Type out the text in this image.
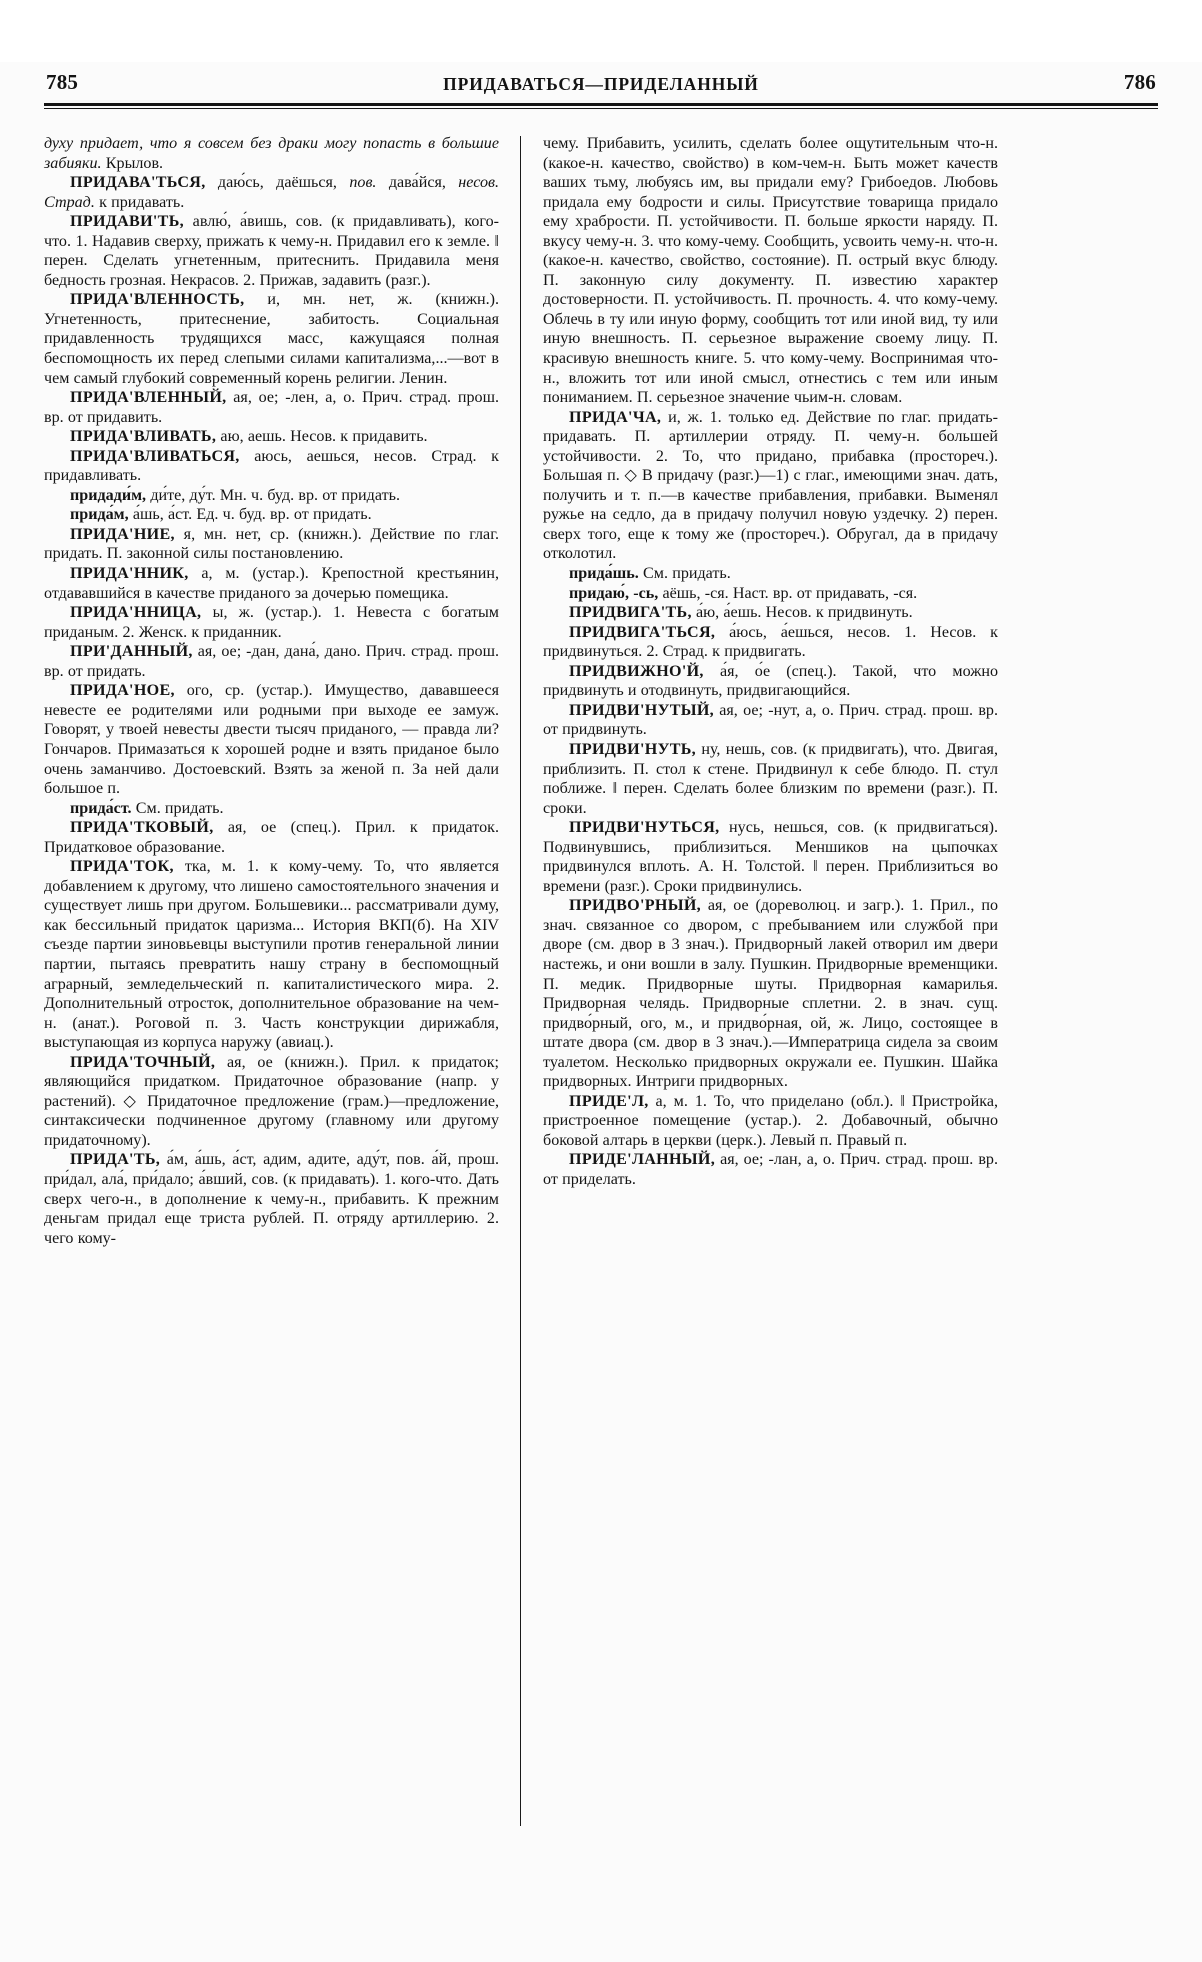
785	ПРИДАВАТЬСЯ—ПРИДЕЛАННЫЙ	786

духу придает, что я совсем без драки могу попасть в большие забияки. Крылов.

ПРИДАВА'ТЬСЯ, даю́сь, даёшься, пов. дава́йся, несов. Страд. к придавать.

ПРИДАВИ'ТЬ, авлю́, а́вишь, сов. (к придавливать), кого-что. 1. Надавив сверху, прижать к чему-н. Придавил его к земле. ‖ перен. Сделать угнетенным, притеснить. Придавила меня бедность грозная. Некрасов. 2. Прижав, задавить (разг.).

ПРИДА'ВЛЕННОСТЬ, и, мн. нет, ж. (книжн.). Угнетенность, притеснение, забитость. Социальная придавленность трудящихся масс, кажущаяся полная беспомощность их перед слепыми силами капитализма,...—вот в чем самый глубокий современный корень религии. Ленин.

ПРИДА'ВЛЕННЫЙ, ая, ое; -лен, а, о. Прич. страд. прош. вр. от придавить.

ПРИДА'ВЛИВАТЬ, аю, аешь. Несов. к придавить.

ПРИДА'ВЛИВАТЬСЯ, аюсь, аешься, несов. Страд. к придавливать.

придади́м, ди́те, ду́т. Мн. ч. буд. вр. от придать.

прида́м, а́шь, а́ст. Ед. ч. буд. вр. от придать.

ПРИДА'НИЕ, я, мн. нет, ср. (книжн.). Действие по глаг. придать. П. законной силы постановлению.

ПРИДА'ННИК, а, м. (устар.). Крепостной крестьянин, отдававшийся в качестве приданого за дочерью помещика.

ПРИДА'ННИЦА, ы, ж. (устар.). 1. Невеста с богатым приданым. 2. Женск. к приданник.

ПРИ'ДАННЫЙ, ая, ое; -дан, дана́, дано. Прич. страд. прош. вр. от придать.

ПРИДА'НОЕ, ого, ср. (устар.). Имущество, дававшееся невесте ее родителями или родными при выходе ее замуж. Говорят, у твоей невесты двести тысяч приданого, — правда ли? Гончаров. Примазаться к хорошей родне и взять приданое было очень заманчиво. Достоевский. Взять за женой п. За ней дали большое п.

прида́ст. См. придать.

ПРИДА'ТКОВЫЙ, ая, ое (спец.). Прил. к придаток. Придатковое образование.

ПРИДА'ТОК, тка, м. 1. к кому-чему. То, что является добавлением к другому, что лишено самостоятельного значения и существует лишь при другом. Большевики... рассматривали думу, как бессильный придаток царизма... История ВКП(б). На XIV съезде партии зиновьевцы выступили против генеральной линии партии, пытаясь превратить нашу страну в беспомощный аграрный, земледельческий п. капиталистического мира. 2. Дополнительный отросток, дополнительное образование на чем-н. (анат.). Роговой п. 3. Часть конструкции дирижабля, выступающая из корпуса наружу (авиац.).

ПРИДА'ТОЧНЫЙ, ая, ое (книжн.). Прил. к придаток; являющийся придатком. Придаточное образование (напр. у растений). ◇ Придаточное предложение (грам.)—предложение, синтаксически подчиненное другому (главному или другому придаточному).

ПРИДА'ТЬ, а́м, а́шь, а́ст, адим, адите, аду́т, пов. а́й, прош. при́дал, ала́, при́дало; а́вший, сов. (к придавать). 1. кого-что. Дать сверх чего-н., в дополнение к чему-н., прибавить. К прежним деньгам придал еще триста рублей. П. отряду артиллерию. 2. чего кому-

чему. Прибавить, усилить, сделать более ощутительным что-н. (какое-н. качество, свойство) в ком-чем-н. Быть может качеств ваших тьму, любуясь им, вы придали ему? Грибоедов. Любовь придала ему бодрости и силы. Присутствие товарища придало ему храбрости. П. устойчивости. П. больше яркости наряду. П. вкусу чему-н. 3. что кому-чему. Сообщить, усвоить чему-н. что-н. (какое-н. качество, свойство, состояние). П. острый вкус блюду. П. законную силу документу. П. известию характер достоверности. П. устойчивость. П. прочность. 4. что кому-чему. Облечь в ту или иную форму, сообщить тот или иной вид, ту или иную внешность. П. серьезное выражение своему лицу. П. красивую внешность книге. 5. что кому-чему. Воспринимая что-н., вложить тот или иной смысл, отнестись с тем или иным пониманием. П. серьезное значение чьим-н. словам.

ПРИДА'ЧА, и, ж. 1. только ед. Действие по глаг. придать-придавать. П. артиллерии отряду. П. чему-н. большей устойчивости. 2. То, что придано, прибавка (простореч.). Большая п. ◇ В придачу (разг.)—1) с глаг., имеющими знач. дать, получить и т. п.—в качестве прибавления, прибавки. Выменял ружье на седло, да в придачу получил новую уздечку. 2) перен. сверх того, еще к тому же (простореч.). Обругал, да в придачу отколотил.

прида́шь. См. придать.

придаю́, -сь, аёшь, -ся. Наст. вр. от придавать, -ся.

ПРИДВИГА'ТЬ, а́ю, а́ешь. Несов. к придвинуть.

ПРИДВИГА'ТЬСЯ, а́юсь, а́ешься, несов. 1. Несов. к придвинуться. 2. Страд. к придвигать.

ПРИДВИЖНО'Й, а́я, о́е (спец.). Такой, что можно придвинуть и отодвинуть, придвигающийся.

ПРИДВИ'НУТЫЙ, ая, ое; -нут, а, о. Прич. страд. прош. вр. от придвинуть.

ПРИДВИ'НУТЬ, ну, нешь, сов. (к придвигать), что. Двигая, приблизить. П. стол к стене. Придвинул к себе блюдо. П. стул поближе. ‖ перен. Сделать более близким по времени (разг.). П. сроки.

ПРИДВИ'НУТЬСЯ, нусь, нешься, сов. (к придвигаться). Подвинувшись, приблизиться. Меншиков на цыпочках придвинулся вплоть. А. Н. Толстой. ‖ перен. Приблизиться во времени (разг.). Сроки придвинулись.

ПРИДВО'РНЫЙ, ая, ое (дореволюц. и загр.). 1. Прил., по знач. связанное со двором, с пребыванием или службой при дворе (см. двор в 3 знач.). Придворный лакей отворил им двери настежь, и они вошли в залу. Пушкин. Придворные временщики. П. медик. Придворные шуты. Придворная камарилья. Придворная челядь. Придворные сплетни. 2. в знач. сущ. придво́рный, ого, м., и придво́рная, ой, ж. Лицо, состоящее в штате двора (см. двор в 3 знач.).—Императрица сидела за своим туалетом. Несколько придворных окружали ее. Пушкин. Шайка придворных. Интриги придворных.

ПРИДЕ'Л, а, м. 1. То, что приделано (обл.). ‖ Пристройка, пристроенное помещение (устар.). 2. Добавочный, обычно боковой алтарь в церкви (церк.). Левый п. Правый п.

ПРИДЕ'ЛАННЫЙ, ая, ое; -лан, а, о. Прич. страд. прош. вр. от приделать.
